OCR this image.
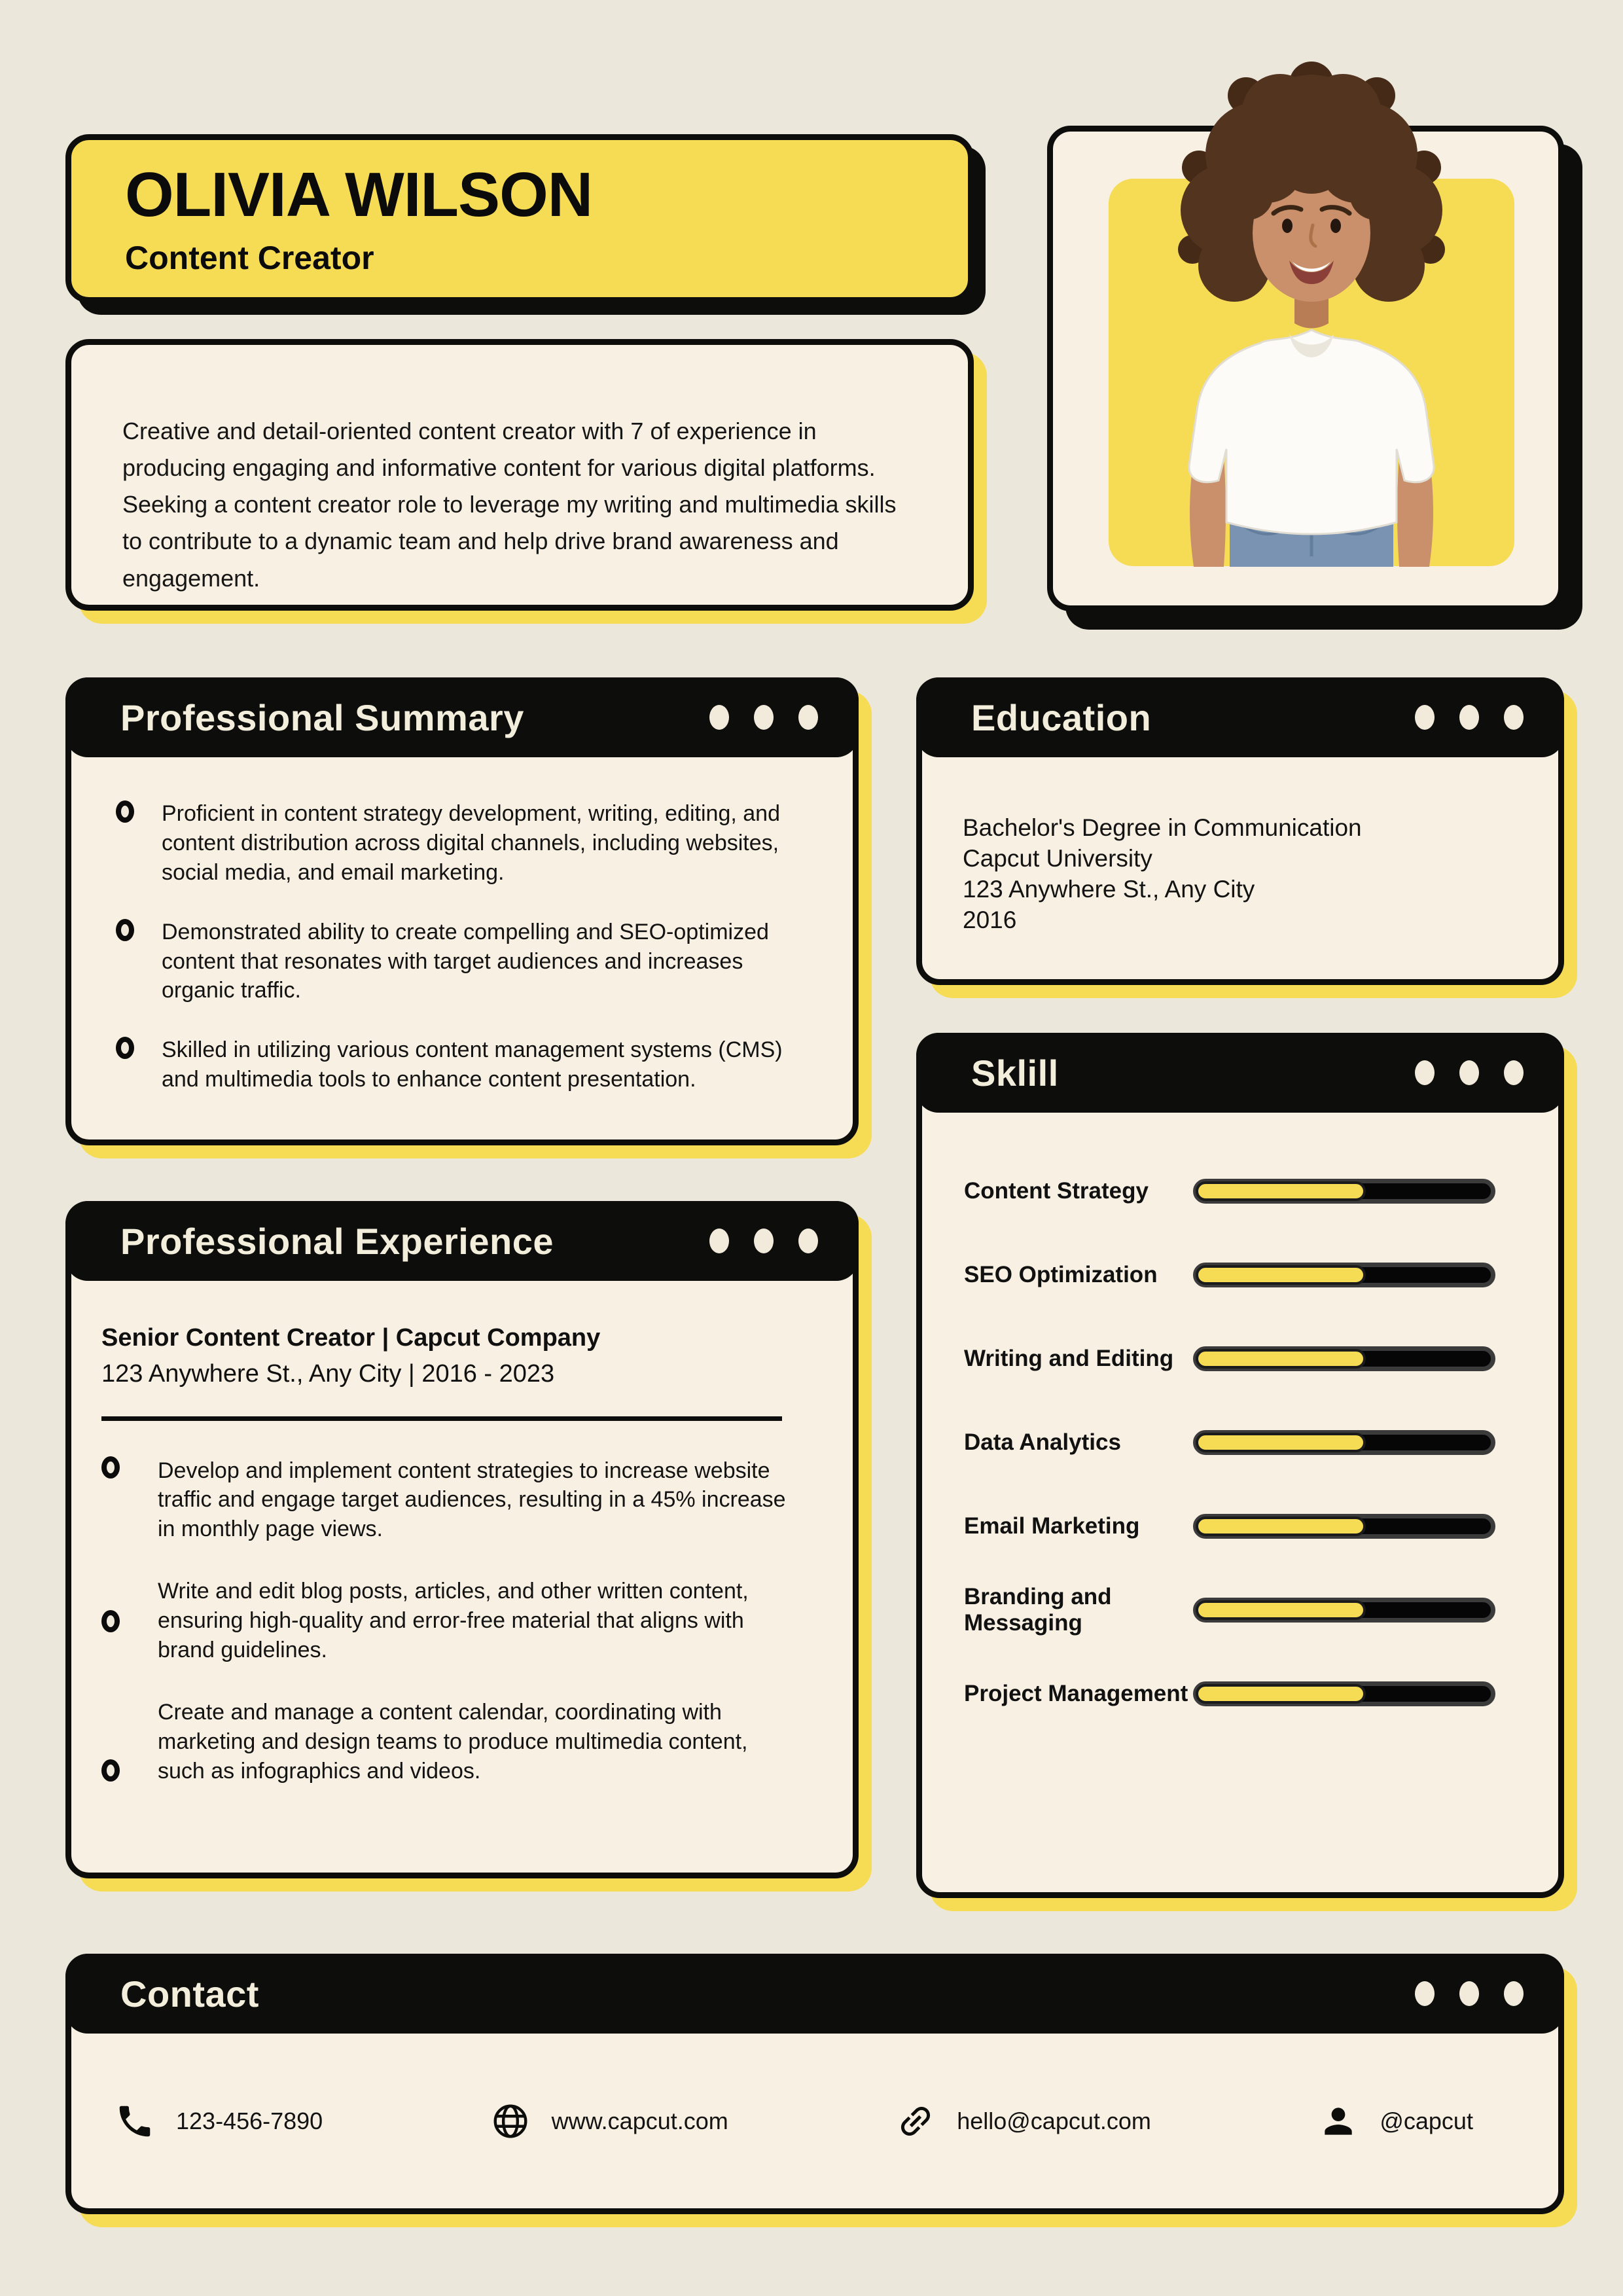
OLIVIA WILSON
Content Creator

Creative and detail-oriented content creator with 7 of experience in producing engaging and informative content for various digital platforms. Seeking a content creator role to leverage my writing and multimedia skills to contribute to a dynamic team and help drive brand awareness and engagement.

Professional Summary
Proficient in content strategy development, writing, editing, and content distribution across digital channels, including websites, social media, and email marketing.
Demonstrated ability to create compelling and SEO-optimized content that resonates with target audiences and increases organic traffic.
Skilled in utilizing various content management systems (CMS) and multimedia tools to enhance content presentation.
Education

Bachelor's Degree in Communication

Capcut University

123 Anywhere St., Any City

2016

Sklill
Content Strategy
SEO Optimization
Writing and Editing
Data Analytics
Email Marketing
Branding and Messaging
Project Management
Professional Experience

Senior Content Creator | Capcut Company

123 Anywhere St., Any City | 2016 - 2023

Develop and implement content strategies to increase website traffic and engage target audiences, resulting in a 45% increase in monthly page views.
Write and edit blog posts, articles, and other written content, ensuring high-quality and error-free material that aligns with brand guidelines.
Create and manage a content calendar, coordinating with marketing and design teams to produce multimedia content, such as infographics and videos.
Contact
123-456-7890	www.capcut.com	hello@capcut.com	@capcut
